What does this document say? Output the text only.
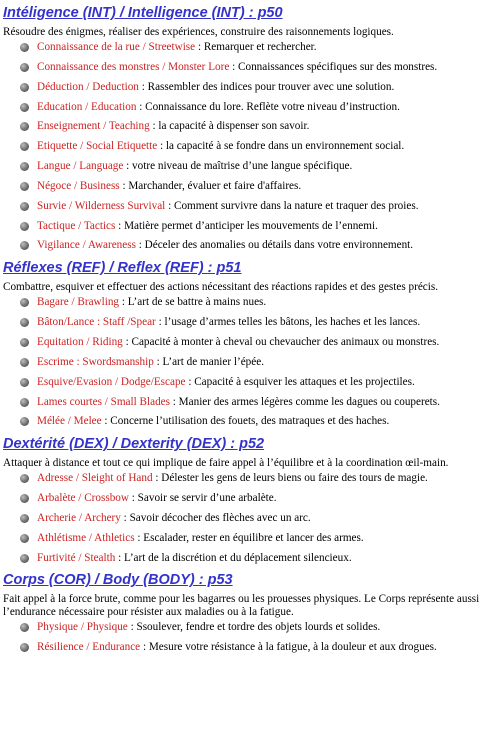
Intéligence (INT) / Intelligence (INT) : p50

Résoudre des énigmes, réaliser des expériences, construire des raisonnements logiques.

Connaissance de la rue / Streetwise : Remarquer et rechercher.
Connaissance des monstres / Monster Lore : Connaissances spécifiques sur des monstres.
Déduction / Deduction : Rassembler des indices pour trouver avec une solution.
Education / Education : Connaissance du lore. Reflète votre niveau d’instruction.
Enseignement / Teaching : la capacité à dispenser son savoir.
Etiquette / Social Etiquette : la capacité à se fondre dans un environnement social.
Langue / Language : votre niveau de maîtrise d’une langue spécifique.
Négoce / Business : Marchander, évaluer et faire d'affaires.
Survie / Wilderness Survival : Comment survivre dans la nature et traquer des proies.
Tactique / Tactics : Matière permet d’anticiper les mouvements de l’ennemi.
Vigilance / Awareness : Déceler des anomalies ou détails dans votre environnement.
Réflexes (REF) / Reflex (REF) : p51

Combattre, esquiver et effectuer des actions nécessitant des réactions rapides et des gestes précis.

Bagare / Brawling : L’art de se battre à mains nues.
Bâton/Lance : Staff /Spear : l’usage d’armes telles les bâtons, les haches et les lances.
Equitation / Riding : Capacité à monter à cheval ou chevaucher des animaux ou monstres.
Escrime : Swordsmanship : L’art de manier l’épée.
Esquive/Evasion / Dodge/Escape : Capacité à esquiver les attaques et les projectiles.
Lames courtes / Small Blades : Manier des armes légères comme les dagues ou couperets.
Mélée / Melee : Concerne l’utilisation des fouets, des matraques et des haches.
Dextérité (DEX) / Dexterity (DEX) : p52

Attaquer à distance et tout ce qui implique de faire appel à l’équilibre et à la coordination œil-main.

Adresse / Sleight of Hand : Délester les gens de leurs biens ou faire des tours de magie.
Arbalète / Crossbow : Savoir se servir d’une arbalète.
Archerie / Archery : Savoir décocher des flèches avec un arc.
Athlétisme / Athletics : Escalader, rester en équilibre et lancer des armes.
Furtivité / Stealth : L’art de la discrétion et du déplacement silencieux.
Corps (COR) / Body (BODY) : p53

Fait appel à la force brute, comme pour les bagarres ou les prouesses physiques. Le Corps représente aussi l’endurance nécessaire pour résister aux maladies ou à la fatigue.

Physique / Physique : Ssoulever, fendre et tordre des objets lourds et solides.
Résilience / Endurance : Mesure votre résistance à la fatigue, à la douleur et aux drogues.
